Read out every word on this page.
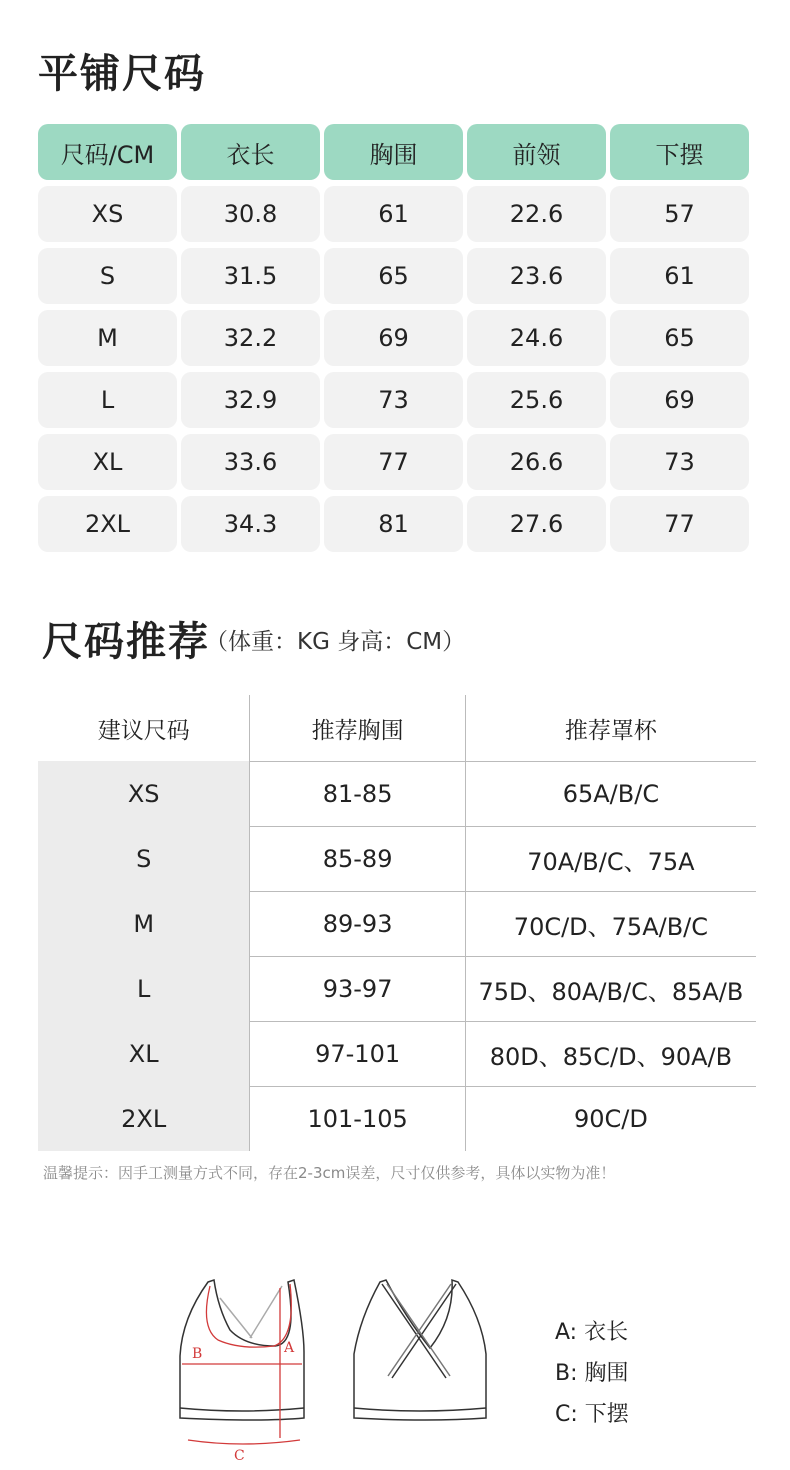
平铺尺码
尺码/CM	衣长	胸围	前领	下摆
XS	30.8	61	22.6	57
S	31.5	65	23.6	61
M	32.2	69	24.6	65
L	32.9	73	25.6	69
XL	33.6	77	26.6	73
2XL	34.3	81	27.6	77
尺码推荐
（体重：KG 身高：CM）
建议尺码	推荐胸围	推荐罩杯
XS	81-85	65A/B/C
S	85-89	70A/B/C、75A
M	89-93	70C/D、75A/B/C
L	93-97	75D、80A/B/C、85A/B
XL	97-101	80D、85C/D、90A/B
2XL	101-105	90C/D
温馨提示：因手工测量方式不同，存在2-3cm误差，尺寸仅供参考，具体以实物为准！
A
B
C
A: 衣长
B: 胸围
C: 下摆
